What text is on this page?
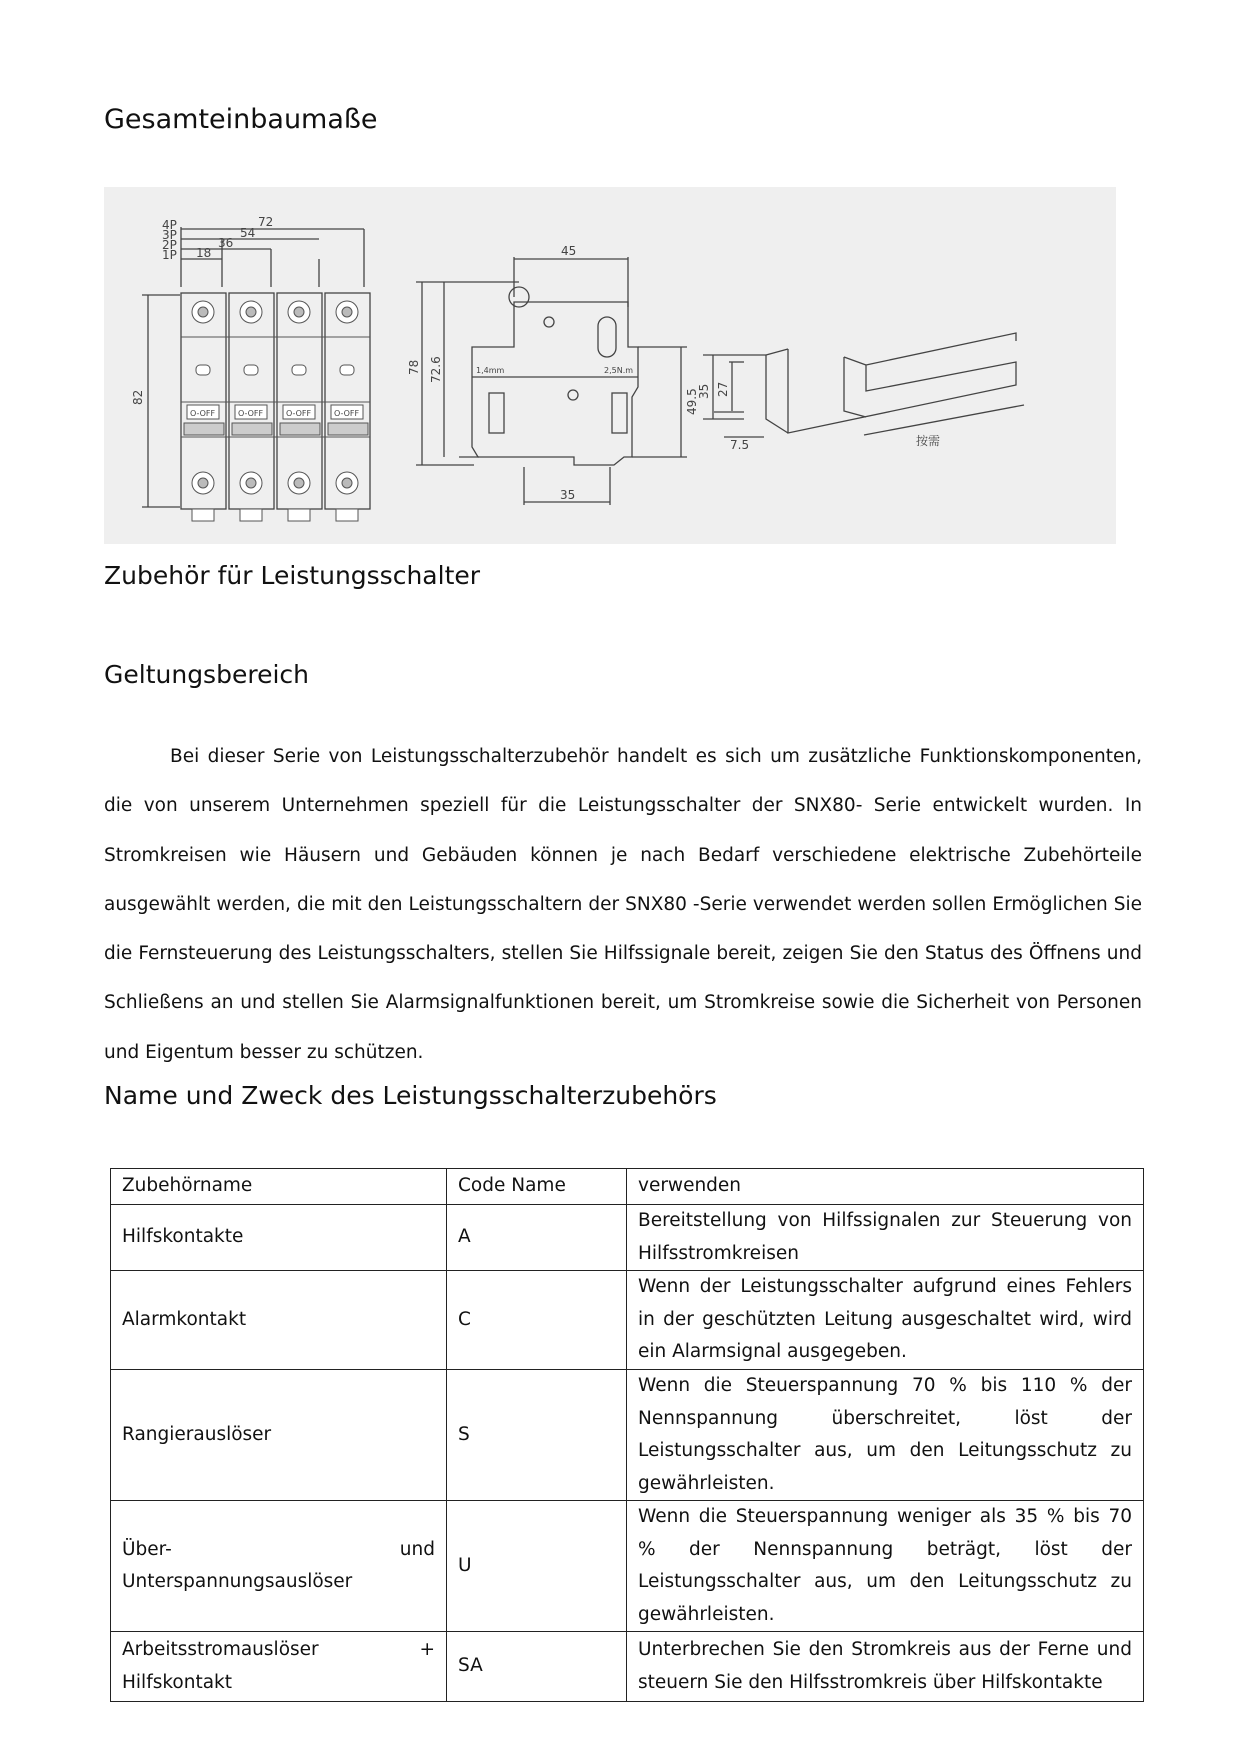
Gesamteinbaumaße
4P
3P
2P
1P
72
54
36
18
82
O-OFF	O-OFF	O-OFF	O-OFF
45
78 72.6
49.5
35
1,4mm	2,5N.m
35 27
7.5	按需
Zubehör für Leistungsschalter
Geltungsbereich

Bei dieser Serie von Leistungsschalterzubehör handelt es sich um zusätzliche Funktionskomponenten, die von unserem Unternehmen speziell für die Leistungsschalter der SNX80- Serie entwickelt wurden. In Stromkreisen wie Häusern und Gebäuden können je nach Bedarf verschiedene elektrische Zubehörteile ausgewählt werden, die mit den Leistungsschaltern der SNX80 -Serie verwendet werden sollen Ermöglichen Sie die Fernsteuerung des Leistungsschalters, stellen Sie Hilfssignale bereit, zeigen Sie den Status des Öffnens und Schließens an und stellen Sie Alarmsignalfunktionen bereit, um Stromkreise sowie die Sicherheit von Personen und Eigentum besser zu schützen.

Name und Zweck des Leistungsschalterzubehörs
Zubehörname	Code Name	verwenden
Hilfskontakte	A	Bereitstellung von Hilfssignalen zur Steuerung von Hilfsstromkreisen
Alarmkontakt	C	Wenn der Leistungsschalter aufgrund eines Fehlers in der geschützten Leitung ausgeschaltet wird, wird ein Alarmsignal ausgegeben.
Rangierauslöser	S	Wenn die Steuerspannung 70 % bis 110 % der Nennspannung überschreitet, löst der Leistungsschalter aus, um den Leitungsschutz zu gewährleisten.

Über- und
Unterspannungsauslöser	U	Wenn die Steuerspannung weniger als 35 % bis 70 % der Nennspannung beträgt, löst der Leistungsschalter aus, um den Leitungsschutz zu gewährleisten.

Arbeitsstromauslöser +
Hilfskontakt	SA	Unterbrechen Sie den Stromkreis aus der Ferne und steuern Sie den Hilfsstromkreis über Hilfskontakte
